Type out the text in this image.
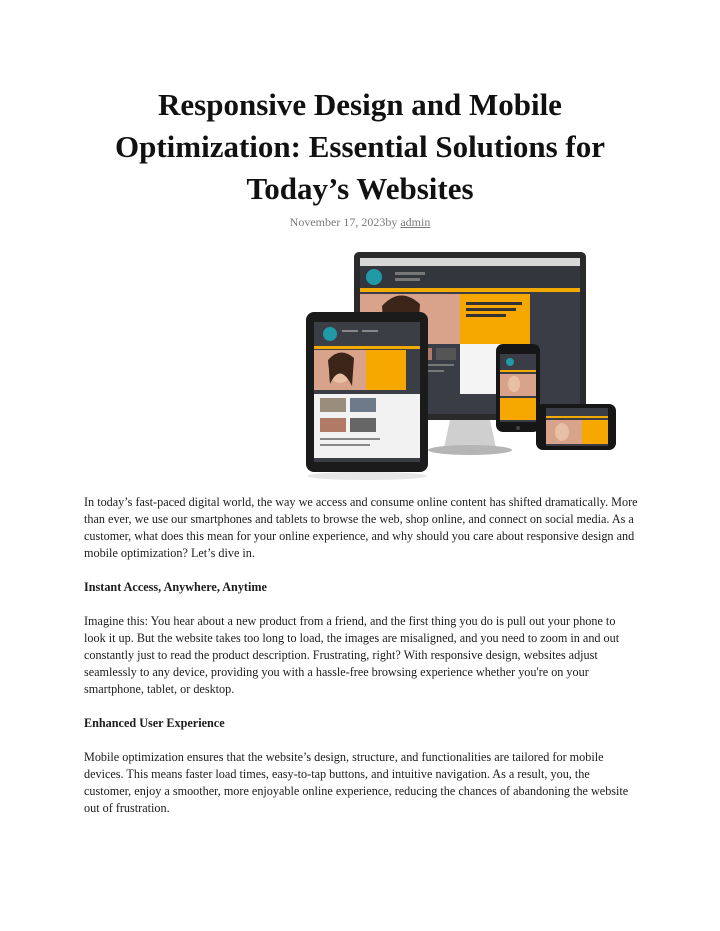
Responsive Design and Mobile Optimization: Essential Solutions for Today’s Websites
November 17, 2023by admin

In today’s fast-paced digital world, the way we access and consume online content has shifted dramatically. More than ever, we use our smartphones and tablets to browse the web, shop online, and connect on social media. As a customer, what does this mean for your online experience, and why should you care about responsive design and mobile optimization? Let’s dive in.

Instant Access, Anywhere, Anytime

Imagine this: You hear about a new product from a friend, and the first thing you do is pull out your phone to look it up. But the website takes too long to load, the images are misaligned, and you need to zoom in and out constantly just to read the product description. Frustrating, right? With responsive design, websites adjust seamlessly to any device, providing you with a hassle-free browsing experience whether you're on your smartphone, tablet, or desktop.

Enhanced User Experience

Mobile optimization ensures that the website’s design, structure, and functionalities are tailored for mobile devices. This means faster load times, easy-to-tap buttons, and intuitive navigation. As a result, you, the customer, enjoy a smoother, more enjoyable online experience, reducing the chances of abandoning the website out of frustration.
